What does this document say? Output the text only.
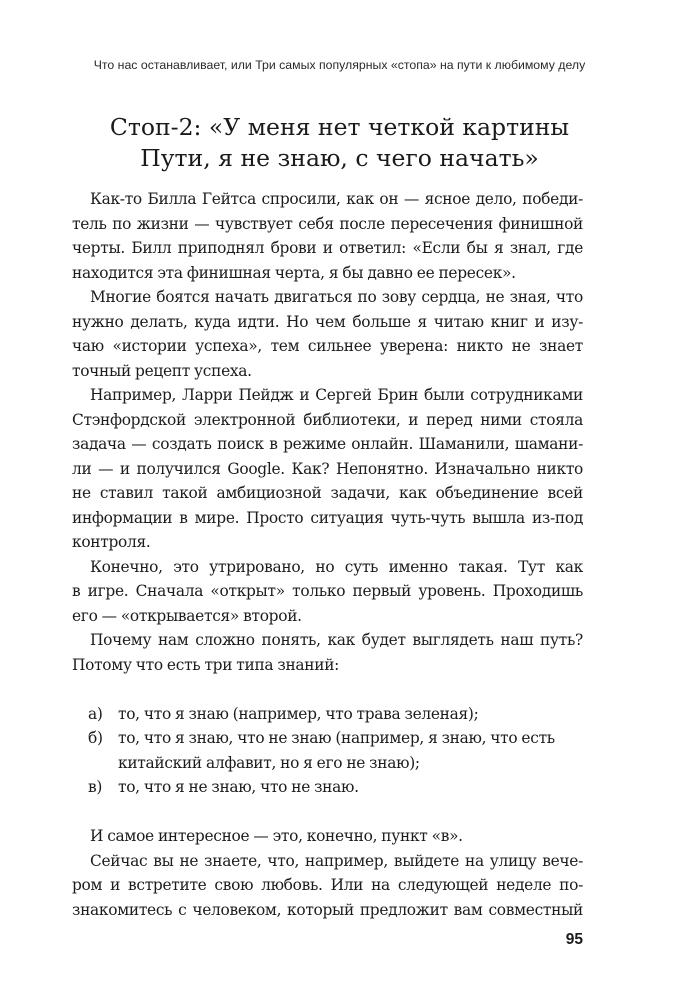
Что нас останавливает, или Три самых популярных «стопа» на пути к любимому делу
Стоп-2: «У меня нет четкой картины
Пути, я не знаю, с чего начать»
Как-то Билла Гейтса спросили, как он — ясное дело, победи-
тель по жизни — чувствует себя после пересечения финишной
черты. Билл приподнял брови и ответил: «Если бы я знал, где
находится эта финишная черта, я бы давно ее пересек».
Многие боятся начать двигаться по зову сердца, не зная, что
нужно делать, куда идти. Но чем больше я читаю книг и изу-
чаю «истории успеха», тем сильнее уверена: никто не знает
точный рецепт успеха.
Например, Ларри Пейдж и Сергей Брин были сотрудниками
Стэнфордской электронной библиотеки, и перед ними стояла
задача — создать поиск в режиме онлайн. Шаманили, шамани-
ли — и получился Google. Как? Непонятно. Изначально никто
не ставил такой амбициозной задачи, как объединение всей
информации в мире. Просто ситуация чуть-чуть вышла из-под
контроля.
Конечно, это утрировано, но суть именно такая. Тут как
в игре. Сначала «открыт» только первый уровень. Проходишь
его — «открывается» второй.
Почему нам сложно понять, как будет выглядеть наш путь?
Потому что есть три типа знаний:
а)	то, что я знаю (например, что трава зеленая);
б) то, что я знаю, что не знаю (например, я знаю, что есть
китайский алфавит, но я его не знаю);
в)	то, что я не знаю, что не знаю.
И самое интересное — это, конечно, пункт «в».
Сейчас вы не знаете, что, например, выйдете на улицу вече-
ром и встретите свою любовь. Или на следующей неделе по-
знакомитесь с человеком, который предложит вам совместный
95
